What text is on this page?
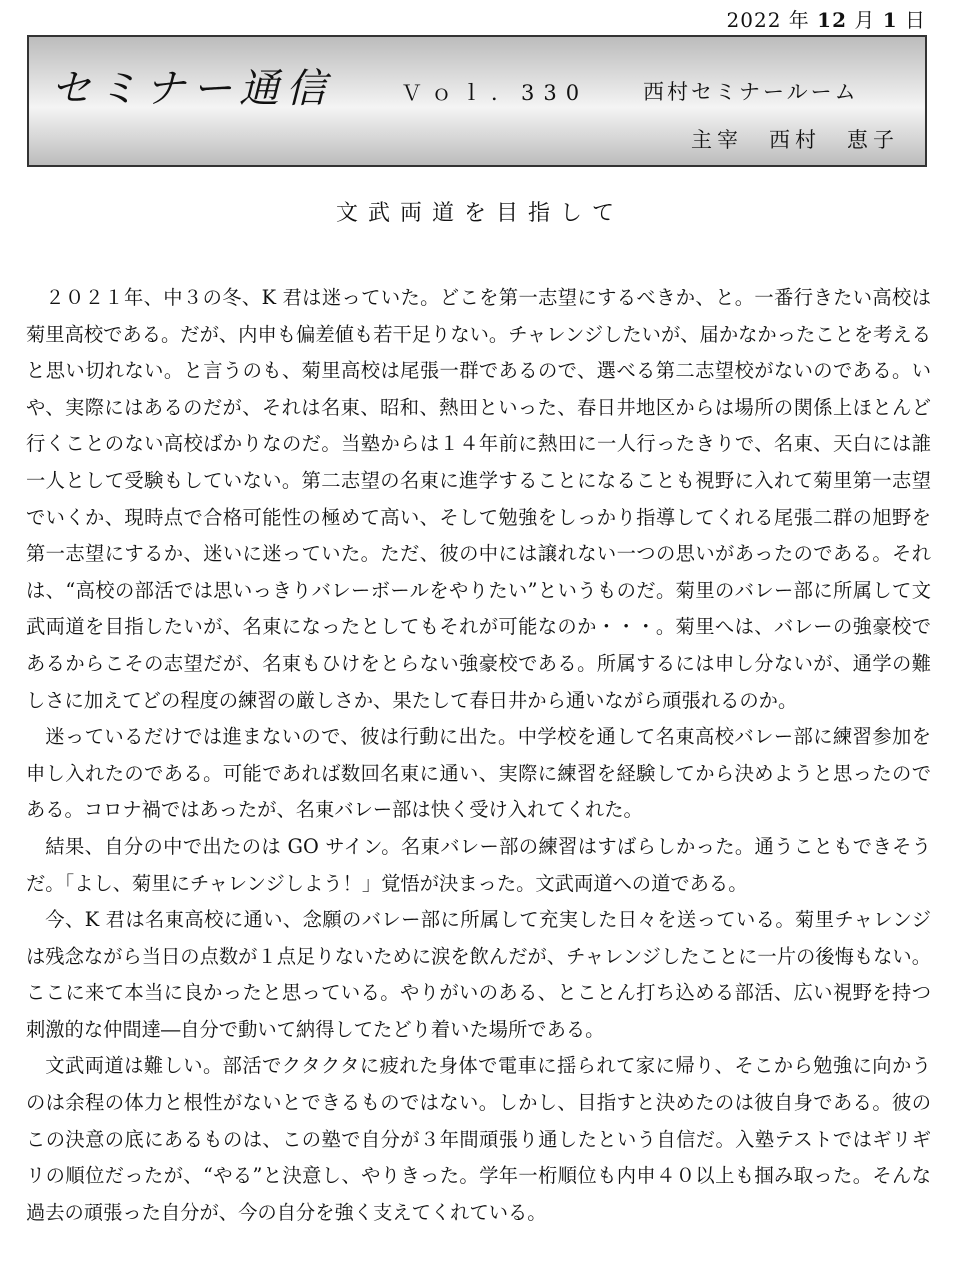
2022 年 12 月 1 日
セミナー通信	Ｖｏｌ．330	西村セミナールーム
主宰　西村　恵子
文武両道を目指して

２０２１年、中３の冬、K 君は迷っていた。どこを第一志望にするべきか、と。一番行きたい高校は菊里高校である。だが、内申も偏差値も若干足りない。チャレンジしたいが、届かなかったことを考えると思い切れない。と言うのも、菊里高校は尾張一群であるので、選べる第二志望校がないのである。いや、実際にはあるのだが、それは名東、昭和、熱田といった、春日井地区からは場所の関係上ほとんど行くことのない高校ばかりなのだ。当塾からは１４年前に熱田に一人行ったきりで、名東、天白には誰一人として受験もしていない。第二志望の名東に進学することになることも視野に入れて菊里第一志望でいくか、現時点で合格可能性の極めて高い、そして勉強をしっかり指導してくれる尾張二群の旭野を第一志望にするか、迷いに迷っていた。ただ、彼の中には譲れない一つの思いがあったのである。それは、“高校の部活では思いっきりバレーボールをやりたい”というものだ。菊里のバレー部に所属して文武両道を目指したいが、名東になったとしてもそれが可能なのか・・・。菊里へは、バレーの強豪校であるからこその志望だが、名東もひけをとらない強豪校である。所属するには申し分ないが、通学の難しさに加えてどの程度の練習の厳しさか、果たして春日井から通いながら頑張れるのか。

迷っているだけでは進まないので、彼は行動に出た。中学校を通して名東高校バレー部に練習参加を申し入れたのである。可能であれば数回名東に通い、実際に練習を経験してから決めようと思ったのである。コロナ禍ではあったが、名東バレー部は快く受け入れてくれた。

結果、自分の中で出たのは GO サイン。名東バレー部の練習はすばらしかった。通うこともできそうだ。「よし、菊里にチャレンジしよう！」覚悟が決まった。文武両道への道である。

今、K 君は名東高校に通い、念願のバレー部に所属して充実した日々を送っている。菊里チャレンジは残念ながら当日の点数が１点足りないために涙を飲んだが、チャレンジしたことに一片の後悔もない。ここに来て本当に良かったと思っている。やりがいのある、とことん打ち込める部活、広い視野を持つ刺激的な仲間達―自分で動いて納得してたどり着いた場所である。

文武両道は難しい。部活でクタクタに疲れた身体で電車に揺られて家に帰り、そこから勉強に向かうのは余程の体力と根性がないとできるものではない。しかし、目指すと決めたのは彼自身である。彼のこの決意の底にあるものは、この塾で自分が３年間頑張り通したという自信だ。入塾テストではギリギリの順位だったが、“やる”と決意し、やりきった。学年一桁順位も内申４０以上も掴み取った。そんな過去の頑張った自分が、今の自分を強く支えてくれている。
